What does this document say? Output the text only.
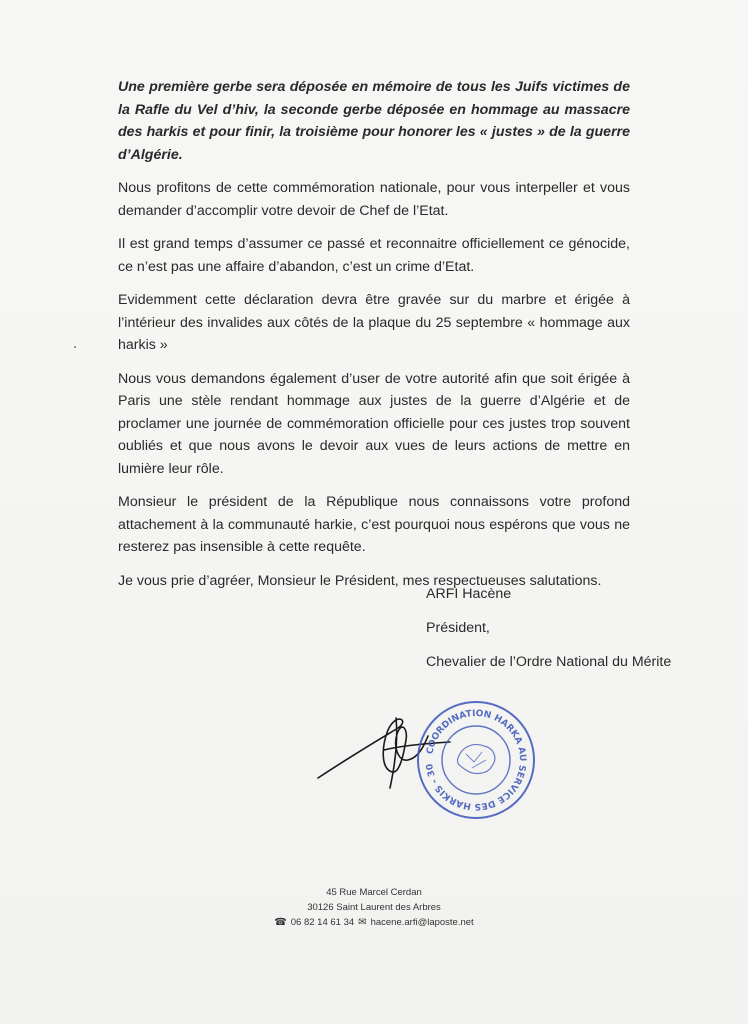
Une première gerbe sera déposée en mémoire de tous les Juifs victimes de la Rafle du Vel d’hiv, la seconde gerbe déposée en hommage au massacre des harkis et pour finir, la troisième pour honorer les « justes » de la guerre d’Algérie.

Nous profitons de cette commémoration nationale, pour vous interpeller et vous demander d’accomplir votre devoir de Chef de l’Etat.

Il est grand temps d’assumer ce passé et reconnaitre officiellement ce génocide, ce n’est pas une affaire d’abandon, c’est un crime d’Etat.

Evidemment cette déclaration devra être gravée sur du marbre et érigée à l’intérieur des invalides aux côtés de la plaque du 25 septembre « hommage aux harkis »

Nous vous demandons également d’user de votre autorité afin que soit érigée à Paris une stèle rendant hommage aux justes de la guerre d’Algérie et de proclamer une journée de commémoration officielle pour ces justes trop souvent oubliés et que nous avons le devoir aux vues de leurs actions de mettre en lumière leur rôle.

Monsieur le président de la République nous connaissons votre profond attachement à la communauté harkie, c’est pourquoi nous espérons que vous ne resterez pas insensible à cette requête.

Je vous prie d’agréer, Monsieur le Président, mes respectueuses salutations.

ARFI Hacène
Président,
Chevalier de l’Ordre National du Mérite
COORDINATION HARKA AU SERVICE DES HARKIS - 30
45 Rue Marcel Cerdan
30126 Saint Laurent des Arbres
☎ 06 82 14 61 34 ✉ hacene.arfi@laposte.net
